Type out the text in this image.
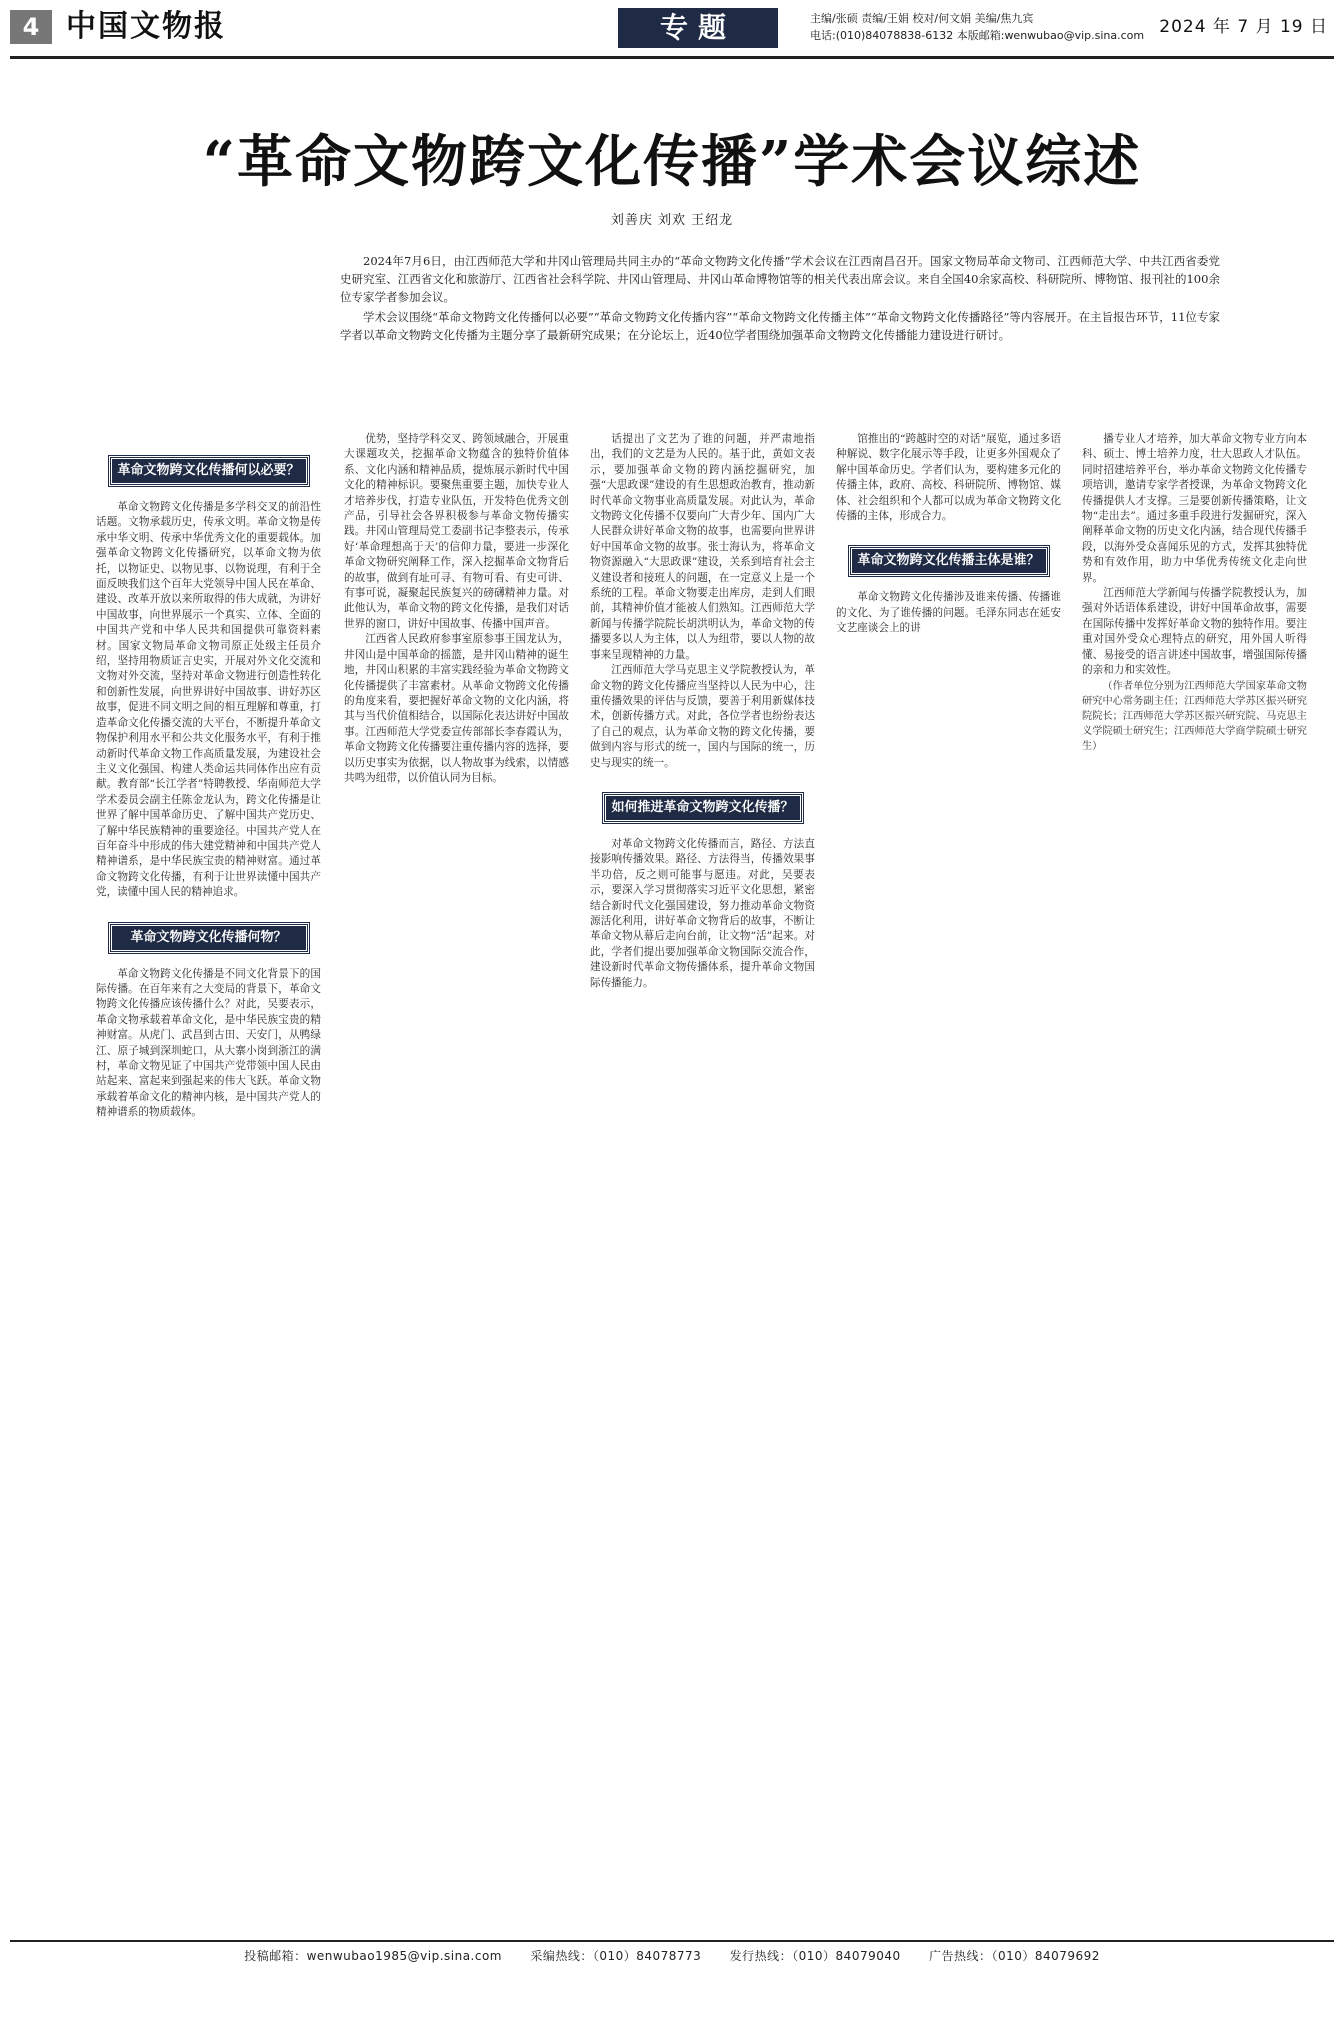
4 中国文物报	专题	主编/张硕 责编/王娟 校对/何文娟 美编/焦九宾
电话:(010)84078838-6132 本版邮箱:wenwubao@vip.sina.com 2024 年 7 月 19 日
“革命文物跨文化传播”学术会议综述
刘善庆 刘欢 王绍龙

2024年7月6日，由江西师范大学和井冈山管理局共同主办的“革命文物跨文化传播”学术会议在江西南昌召开。国家文物局革命文物司、江西师范大学、中共江西省委党史研究室、江西省文化和旅游厅、江西省社会科学院、井冈山管理局、井冈山革命博物馆等的相关代表出席会议。来自全国40余家高校、科研院所、博物馆、报刊社的100余位专家学者参加会议。

学术会议围绕“革命文物跨文化传播何以必要”“革命文物跨文化传播内容”“革命文物跨文化传播主体”“革命文物跨文化传播路径”等内容展开。在主旨报告环节，11位专家学者以革命文物跨文化传播为主题分享了最新研究成果；在分论坛上，近40位学者围绕加强革命文物跨文化传播能力建设进行研讨。

革命文物跨文化传播何以必要？

革命文物跨文化传播是多学科交叉的前沿性话题。文物承载历史，传承文明。革命文物是传承中华文明、传承中华优秀文化的重要载体。加强革命文物跨文化传播研究，以革命文物为依托，以物证史、以物见事、以物说理，有利于全面反映我们这个百年大党领导中国人民在革命、建设、改革开放以来所取得的伟大成就，为讲好中国故事，向世界展示一个真实、立体、全面的中国共产党和中华人民共和国提供可靠资料素材。国家文物局革命文物司原正处级主任员介绍，坚持用物质证言史实，开展对外文化交流和文物对外交流，坚持对革命文物进行创造性转化和创新性发展，向世界讲好中国故事、讲好苏区故事，促进不同文明之间的相互理解和尊重，打造革命文化传播交流的大平台，不断提升革命文物保护利用水平和公共文化服务水平，有利于推动新时代革命文物工作高质量发展，为建设社会主义文化强国、构建人类命运共同体作出应有贡献。教育部“长江学者”特聘教授、华南师范大学学术委员会副主任陈金龙认为，跨文化传播是让世界了解中国革命历史、了解中国共产党历史、了解中华民族精神的重要途径。中国共产党人在百年奋斗中形成的伟大建党精神和中国共产党人精神谱系，是中华民族宝贵的精神财富。通过革命文物跨文化传播，有利于让世界读懂中国共产党，读懂中国人民的精神追求。

革命文物跨文化传播何物？

革命文物跨文化传播是不同文化背景下的国际传播。在百年来有之大变局的背景下，革命文物跨文化传播应该传播什么？对此，吴要表示，革命文物承载着革命文化，是中华民族宝贵的精神财富。从虎门、武昌到古田、天安门，从鸭绿江、原子城到深圳蛇口，从大寨小岗到浙江的满村，革命文物见证了中国共产党带领中国人民由站起来、富起来到强起来的伟大飞跃。革命文物承载着革命文化的精神内核，是中国共产党人的精神谱系的物质载体。

优势，坚持学科交叉、跨领域融合，开展重大课题攻关，挖掘革命文物蕴含的独特价值体系、文化内涵和精神品质，提炼展示新时代中国文化的精神标识。要聚焦重要主题，加快专业人才培养步伐，打造专业队伍，开发特色优秀文创产品，引导社会各界积极参与革命文物传播实践。井冈山管理局党工委副书记李整表示，传承好‘革命理想高于天’的信仰力量，要进一步深化革命文物研究阐释工作，深入挖掘革命文物背后的故事，做到有址可寻、有物可看、有史可讲、有事可说，凝聚起民族复兴的磅礴精神力量。对此他认为，革命文物的跨文化传播，是我们对话世界的窗口，讲好中国故事、传播中国声音。

江西省人民政府参事室原参事王国龙认为，井冈山是中国革命的摇篮，是井冈山精神的诞生地，井冈山积累的丰富实践经验为革命文物跨文化传播提供了丰富素材。从革命文物跨文化传播的角度来看，要把握好革命文物的文化内涵，将其与当代价值相结合，以国际化表达讲好中国故事。江西师范大学党委宣传部部长李春霞认为，革命文物跨文化传播要注重传播内容的选择，要以历史事实为依据，以人物故事为线索，以情感共鸣为纽带，以价值认同为目标。

话提出了文艺为了谁的问题，并严肃地指出，我们的文艺是为人民的。基于此，黄如文表示，要加强革命文物的跨内涵挖掘研究，加强“大思政课”建设的有生思想政治教育，推动新时代革命文物事业高质量发展。对此认为，革命文物跨文化传播不仅要向广大青少年、国内广大人民群众讲好革命文物的故事，也需要向世界讲好中国革命文物的故事。张士海认为，将革命文物资源融入“大思政课”建设，关系到培育社会主义建设者和接班人的问题，在一定意义上是一个系统的工程。革命文物要走出库房，走到人们眼前，其精神价值才能被人们熟知。江西师范大学新闻与传播学院院长胡洪明认为，革命文物的传播要多以人为主体，以人为纽带，要以人物的故事来呈现精神的力量。

江西师范大学马克思主义学院教授认为，革命文物的跨文化传播应当坚持以人民为中心，注重传播效果的评估与反馈，要善于利用新媒体技术，创新传播方式。对此，各位学者也纷纷表达了自己的观点，认为革命文物的跨文化传播，要做到内容与形式的统一，国内与国际的统一，历史与现实的统一。

如何推进革命文物跨文化传播？

对革命文物跨文化传播而言，路径、方法直接影响传播效果。路径、方法得当，传播效果事半功倍，反之则可能事与愿违。对此，吴要表示，要深入学习贯彻落实习近平文化思想，紧密结合新时代文化强国建设，努力推动革命文物资源活化利用，讲好革命文物背后的故事，不断让革命文物从幕后走向台前，让文物“活”起来。对此，学者们提出要加强革命文物国际交流合作，建设新时代革命文物传播体系，提升革命文物国际传播能力。

馆推出的“跨越时空的对话”展览，通过多语种解说、数字化展示等手段，让更多外国观众了解中国革命历史。学者们认为，要构建多元化的传播主体，政府、高校、科研院所、博物馆、媒体、社会组织和个人都可以成为革命文物跨文化传播的主体，形成合力。

革命文物跨文化传播主体是谁？

革命文物跨文化传播涉及谁来传播、传播谁的文化、为了谁传播的问题。毛泽东同志在延安文艺座谈会上的讲

播专业人才培养，加大革命文物专业方向本科、硕士、博士培养力度，壮大思政人才队伍。同时招建培养平台，举办革命文物跨文化传播专项培训，邀请专家学者授课，为革命文物跨文化传播提供人才支撑。三是要创新传播策略，让文物“走出去”。通过多重手段进行发掘研究，深入阐释革命文物的历史文化内涵，结合现代传播手段，以海外受众喜闻乐见的方式，发挥其独特优势和有效作用，助力中华优秀传统文化走向世界。

江西师范大学新闻与传播学院教授认为，加强对外话语体系建设，讲好中国革命故事，需要在国际传播中发挥好革命文物的独特作用。要注重对国外受众心理特点的研究，用外国人听得懂、易接受的语言讲述中国故事，增强国际传播的亲和力和实效性。

（作者单位分别为江西师范大学国家革命文物研究中心常务副主任；江西师范大学苏区振兴研究院院长；江西师范大学苏区振兴研究院、马克思主义学院硕士研究生；江西师范大学商学院硕士研究生）

投稿邮箱：wenwubao1985@vip.sina.com 采编热线：（010）84078773 发行热线：（010）84079040 广告热线：（010）84079692
